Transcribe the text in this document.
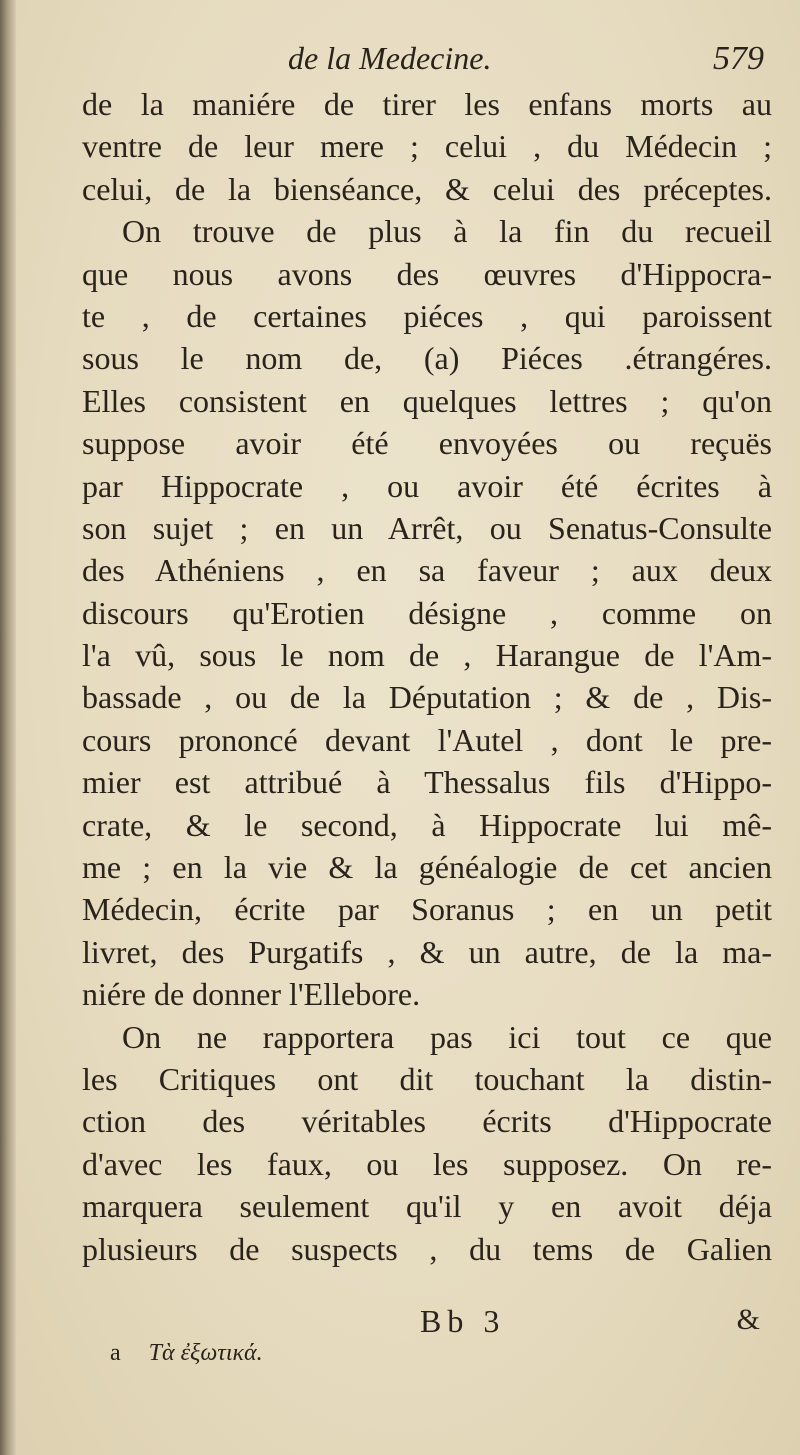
de la Medecine.	579
de la maniére de tirer les enfans morts au
ventre de leur mere ; celui , du Médecin ;
celui, de la bienséance, & celui des préceptes.
On trouve de plus à la fin du recueil
que nous avons des œuvres d'Hippocra-
te , de certaines piéces , qui paroissent
sous le nom de, (a) Piéces .étrangéres.
Elles consistent en quelques lettres ; qu'on
suppose avoir été envoyées ou reçuës
par Hippocrate , ou avoir été écrites à
son sujet ; en un Arrêt, ou Senatus-Consulte
des Athéniens , en sa faveur ; aux deux
discours qu'Erotien désigne , comme on
l'a vû, sous le nom de , Harangue de l'Am-
bassade , ou de la Députation ; & de , Dis-
cours prononcé devant l'Autel , dont le pre-
mier est attribué à Thessalus fils d'Hippo-
crate, & le second, à Hippocrate lui mê-
me ; en la vie & la généalogie de cet ancien
Médecin, écrite par Soranus ; en un petit
livret, des Purgatifs , & un autre, de la ma-
niére de donner l'Ellebore.
On ne rapportera pas ici tout ce que
les Critiques ont dit touchant la distin-
ction des véritables écrits d'Hippocrate
d'avec les faux, ou les supposez. On re-
marquera seulement qu'il y en avoit déja
plusieurs de suspects , du tems de Galien
Bb 3	&
a Τὰ ἐξωτικά.
